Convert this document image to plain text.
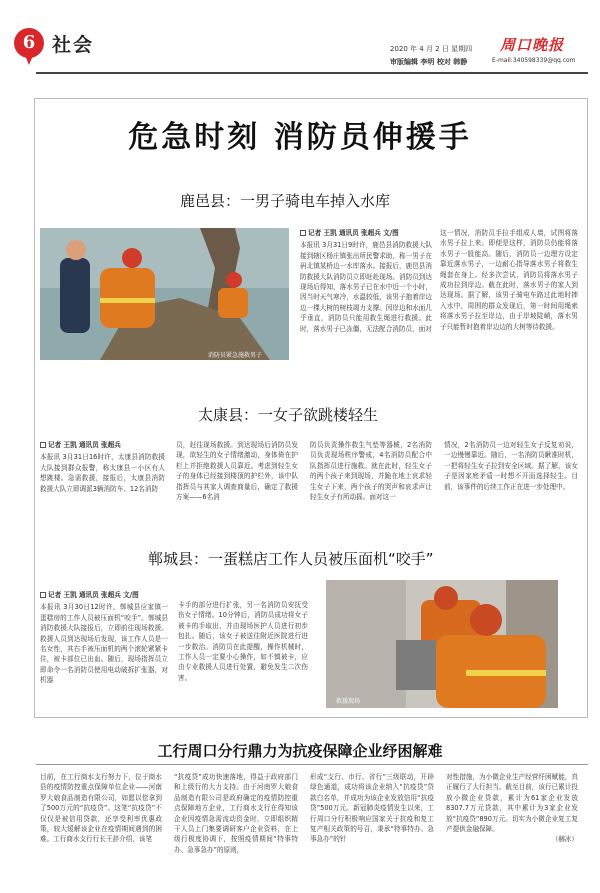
6 社会	2020 年 4 月 2 日 星期四
审版编辑 李明 校对 韩静
周口晚报
E-mail:340598339@qq.com
危急时刻 消防员伸援手
鹿邑县：一男子骑电车掉入水库
消防员紧急施救男子
记者 王凯 通讯员 张超兵 文/图
本报讯 3月31日9时许，鹿邑县消防救援大队接到辖区杨庄镇张出所民警求助，称一男子在码北镇某桥边一水库落水。接报后，鹿邑县消防救援大队消防员立即赶赴现场。消防员到达现场后得知，落水男子已在水中近一个小时，因当时天气寒冷，水温较低，该男子抱着岸边边一棵大树的树枝竭力支撑。因岸边和水面几乎垂直，消防员只能用救生绳进行救援。此时，落水男子已冻僵，无法配合消防员，面对
这一情况，消防员手拉手组成人墙，试图将落水男子拉上来。即便是这样，消防员仍能将落水男子一股能高。随后，消防员一边理方设定靠近落水男子，一边耐心指导落水男子将救生绳套在身上。经多次尝试，消防员将落水男子成功拉到岸边。截在此时，落水男子的家人到达现场。据了解，该男子骑电车路过此地时摔入水中，周围的群众发现后，第一时间用绳索将落水男子拉至岸边，由于岸坡陡峭，落水男子只能暂时抱着岸边边的大树等待救援。
太康县：一女子欲跳楼轻生
记者 王凯 通讯员 张超兵
本报讯 3月31日16时许，太康县消防救援大队接到群众报警，称太康县一小区有人想跳楼。急需救援，接报后，太康县消防救援大队立即调派3辆消防车、12名消防
员，赶往现场救援。到达现场后消防员发现，欲轻生的女子情绪激动，身体倚在护栏上并拒绝救援人员靠近。考虑到轻生女子的身体已经接到楼顶的护栏外，该中队指挥员与其家人调查商量后，确定了救援方案——6名消
防员负责操作救生气垫等器械，2名消防员负责现场秩序警戒，4名消防员配合中队指挥员进行施救。就在此时，轻生女子的两个孩子来到现场，并跪在地上哀求轻生女子下来，两个孩子的哭声和哀求声让轻生女子有所动摇。面对这一
情况，2名消防员一边对轻生女子反复劝说，一边慢慢靠近。随后，一名消防员瞅准时机，一把将轻生女子拉到安全区域。据了解，该女子是因家庭矛盾一时想不开而选择轻生。目前，该事件的后续工作正在进一步处理中。
郸城县：一蛋糕店工作人员被压面机“咬手”
记者 王凯 通讯员 张超兵 文/图
本报讯 3月30日12时许，郸城县应家镇一蛋糕房的工作人员被压面机“咬手”。郸城县消防救援大队接报后，立即前往现场救援。救援人员到达现场后发现，该工作人员是一名女性，其右手被压面机的两个滚轮紧紧卡住，被卡部位已出血。随后，现场指挥员立即命令一名消防员使用电动破拆扩张器，对机器
卡手的部分进行扩张，另一名消防员安抚受伤女子情绪。10分钟后，消防员成功将女子被卡的手取出，并由现场医护人员进行初步包扎。随后，该女子被送往附近医院进行进一步救治。消防员在此提醒，操作机械时，工作人员一定要小心操作，如不慎被卡，应由专业救援人员进行处置，避免发生二次伤害。
救援现场
工行周口分行鼎力为抗疫保障企业纾困解难
目前，在工行商水支行努力下，位于商水县的疫情防控重点保障单位企业——河南罗大娘食品制造有限公司，如愿以偿拿到了500万元的“抗疫贷”。这笔“抗疫贷”不仅仅是被信用贷款，还享受利率优惠政策，较大缓解该企业在疫情期间遇到的困难。工行商水支行行长王辞介绍，该笔
“抗疫贷”成功快速落地，得益于政府部门和上级行的大力支持。由于河南罗大娘食品制造有限公司是政府确定的疫情防控重点保障地方企业，工行商水支行在得知该企业因疫情急需流动资金时，立即组织精干人员上门集要调研客户企业资料，在上级行极度协调下，按照疫情期间“特事特办、急事急办”的原则，
形成“支行、市行、省行”三级联动，开辟绿色通道，成功将该企业纳入“抗疫贷”贷款白名单，并成功为该企业发放信用“抗疫贷”500万元。新冠肺炎疫情发生以来，工行周口分行积极响应国家关于抗疫和复工复产相关政策的号召，秉承“特事特办、急事急办”的针
对性措施，为小微企业生产经营纾困赋能，真正履行了大行担当。截至目前，该行已累计投放小微企业贷款，累计为61家企业发放8307.7万元贷款，其中累计为3家企业发放“抗疫贷”890万元。切实为小微企业复工复产提供金融保障。
（赫冰）
